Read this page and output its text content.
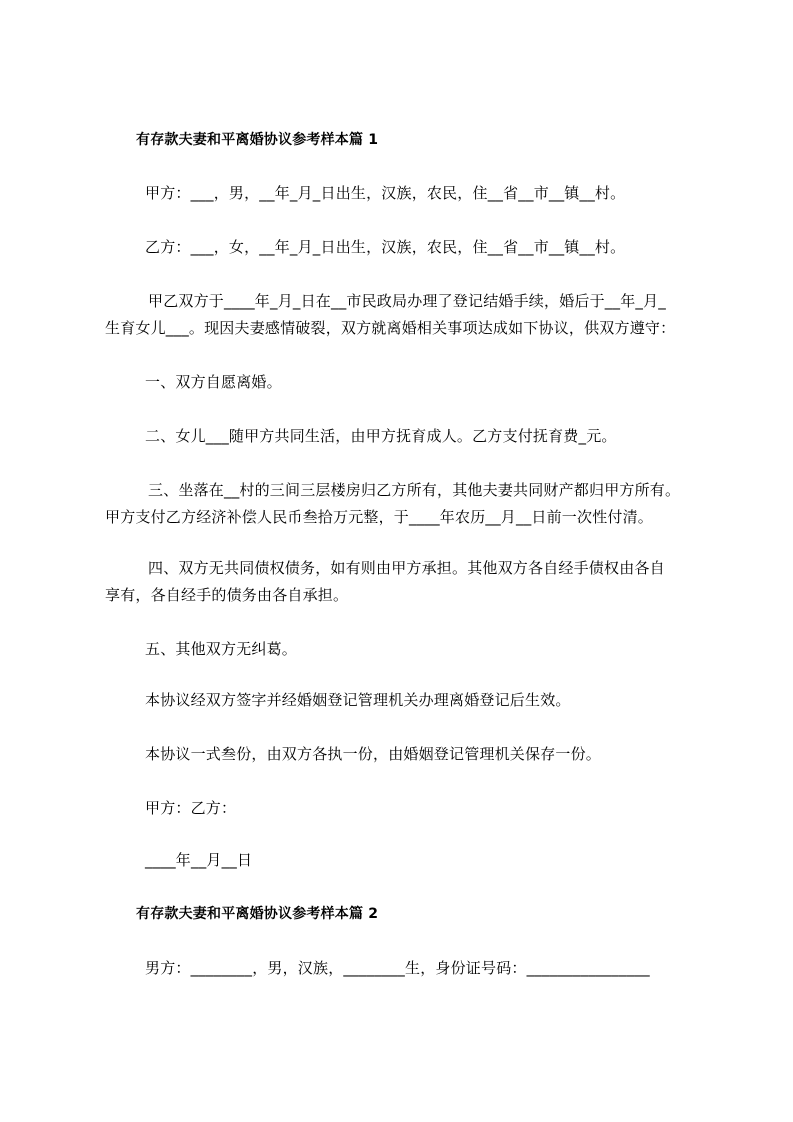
有存款夫妻和平离婚协议参考样本篇 1
甲方：___，男，__年_月_日出生，汉族，农民，住__省__市__镇__村。
乙方：___，女，__年_月_日出生，汉族，农民，住__省__市__镇__村。
甲乙双方于____年_月_日在__市民政局办理了登记结婚手续，婚后于__年_月_
生育女儿___。现因夫妻感情破裂，双方就离婚相关事项达成如下协议，供双方遵守：
一、双方自愿离婚。
二、女儿___随甲方共同生活，由甲方抚育成人。乙方支付抚育费_元。
三、坐落在__村的三间三层楼房归乙方所有，其他夫妻共同财产都归甲方所有。
甲方支付乙方经济补偿人民币叁拾万元整，于____年农历__月__日前一次性付清。
四、双方无共同债权债务，如有则由甲方承担。其他双方各自经手债权由各自
享有，各自经手的债务由各自承担。
五、其他双方无纠葛。
本协议经双方签字并经婚姻登记管理机关办理离婚登记后生效。
本协议一式叁份，由双方各执一份，由婚姻登记管理机关保存一份。
甲方：乙方：
____年__月__日
有存款夫妻和平离婚协议参考样本篇 2
男方：________，男，汉族，________生，身份证号码：________________
